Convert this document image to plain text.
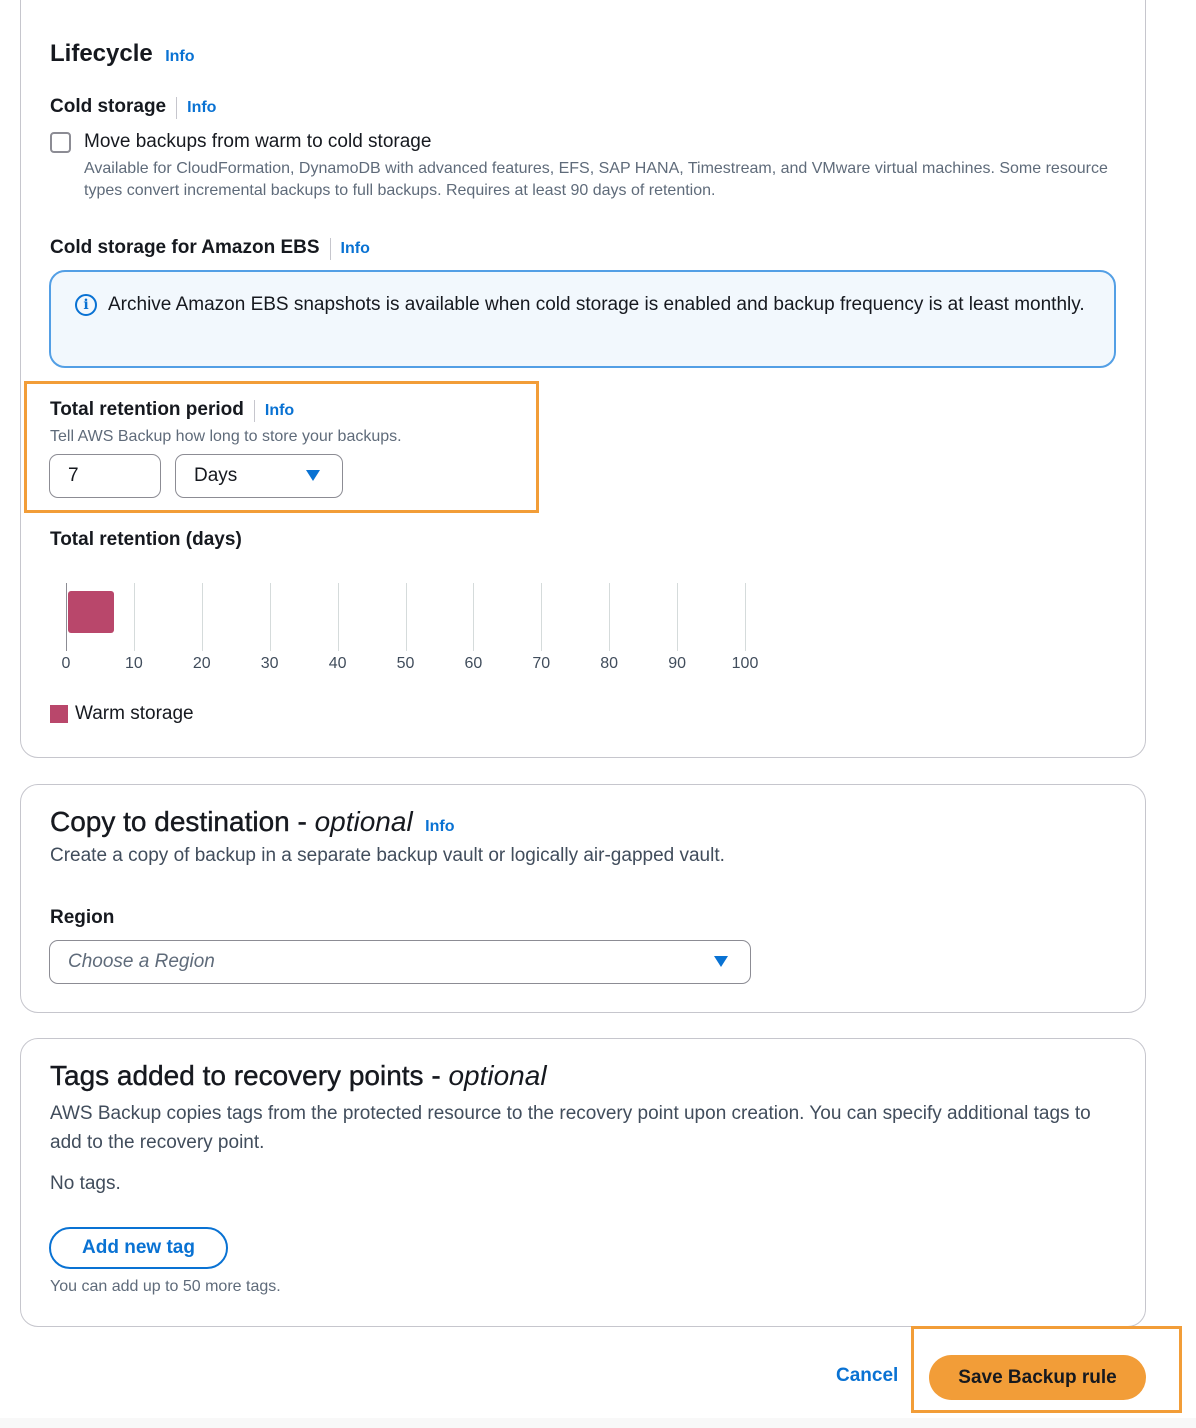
Lifecycle Info
Cold storage Info
Move backups from warm to cold storage
Available for CloudFormation, DynamoDB with advanced features, EFS, SAP HANA, Timestream, and VMware virtual machines. Some resource types convert incremental backups to full backups. Requires at least 90 days of retention.
Cold storage for Amazon EBS Info
i	Archive Amazon EBS snapshots is available when cold storage is enabled and backup frequency is at least monthly.
Total retention period Info
Tell AWS Backup how long to store your backups.
7	Days
Total retention (days)
0	10	20	30	40	50	60	70	80	90	100
Warm storage
Copy to destination - optional Info
Create a copy of backup in a separate backup vault or logically air-gapped vault.
Region
Choose a Region
Tags added to recovery points - optional
AWS Backup copies tags from the protected resource to the recovery point upon creation. You can specify additional tags to add to the recovery point.
No tags.
Add new tag
You can add up to 50 more tags.
Cancel	Save Backup rule
